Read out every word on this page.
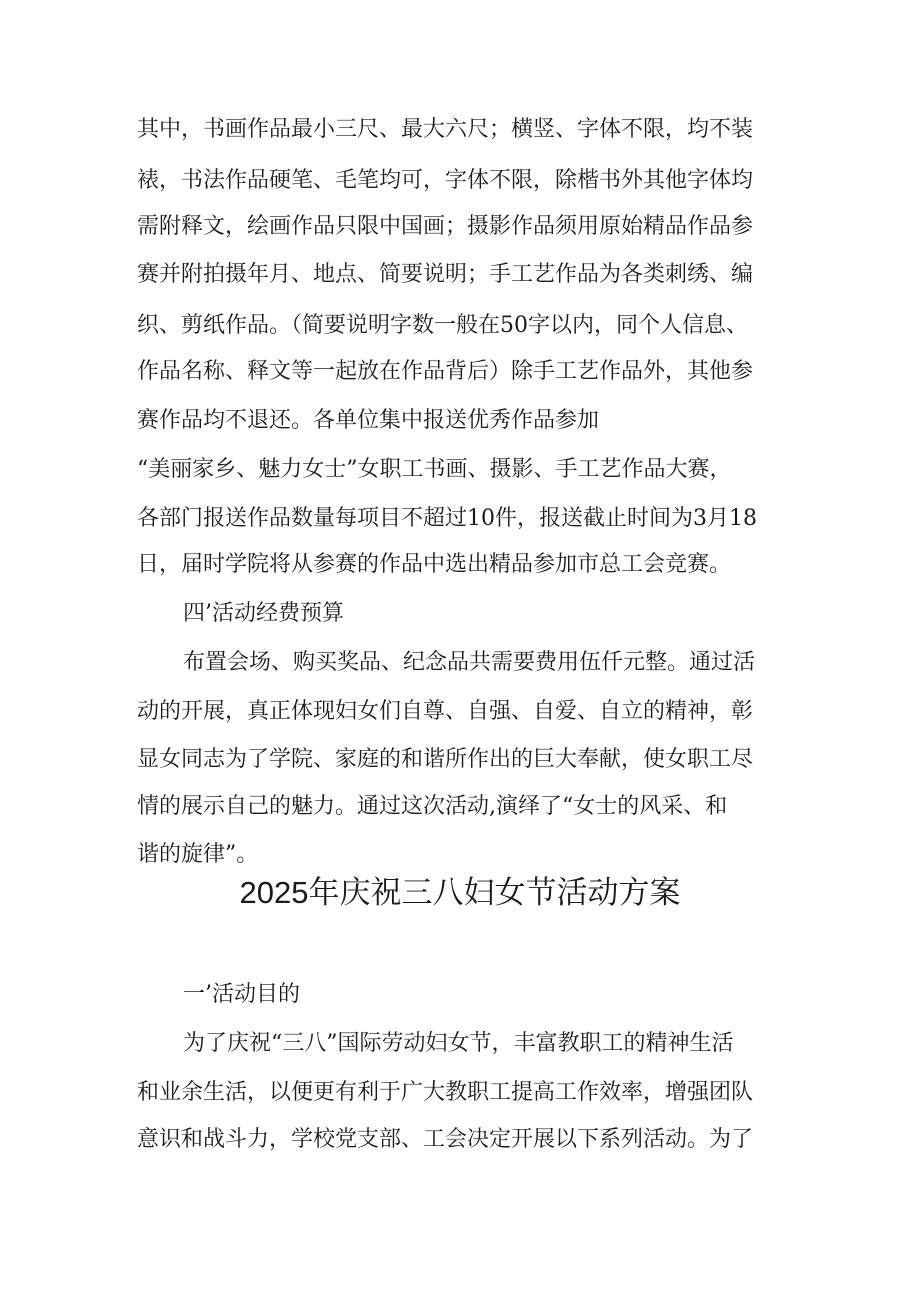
其中，书画作品最小三尺、最大六尺；横竖、字体不限，均不装
裱，书法作品硬笔、毛笔均可，字体不限，除楷书外其他字体均
需附释文，绘画作品只限中国画；摄影作品须用原始精品作品参
赛并附拍摄年月、地点、简要说明；手工艺作品为各类刺绣、编
织、剪纸作品。（简要说明字数一般在50字以内，同个人信息、
作品名称、释文等一起放在作品背后）除手工艺作品外，其他参
赛作品均不退还。各单位集中报送优秀作品参加
“美丽家乡、魅力女士”女职工书画、摄影、手工艺作品大赛，
各部门报送作品数量每项目不超过10件，报送截止时间为3月18
日，届时学院将从参赛的作品中选出精品参加市总工会竞赛。
四’活动经费预算
布置会场、购买奖品、纪念品共需要费用伍仟元整。通过活
动的开展，真正体现妇女们自尊、自强、自爱、自立的精神，彰
显女同志为了学院、家庭的和谐所作出的巨大奉献，使女职工尽
情的展示自己的魅力。通过这次活动,演绎了“女士的风采、和
谐的旋律”。
2025年庆祝三八妇女节活动方案
一’活动目的
为了庆祝“三八”国际劳动妇女节，丰富教职工的精神生活
和业余生活，以便更有利于广大教职工提高工作效率，增强团队
意识和战斗力，学校党支部、工会决定开展以下系列活动。为了
